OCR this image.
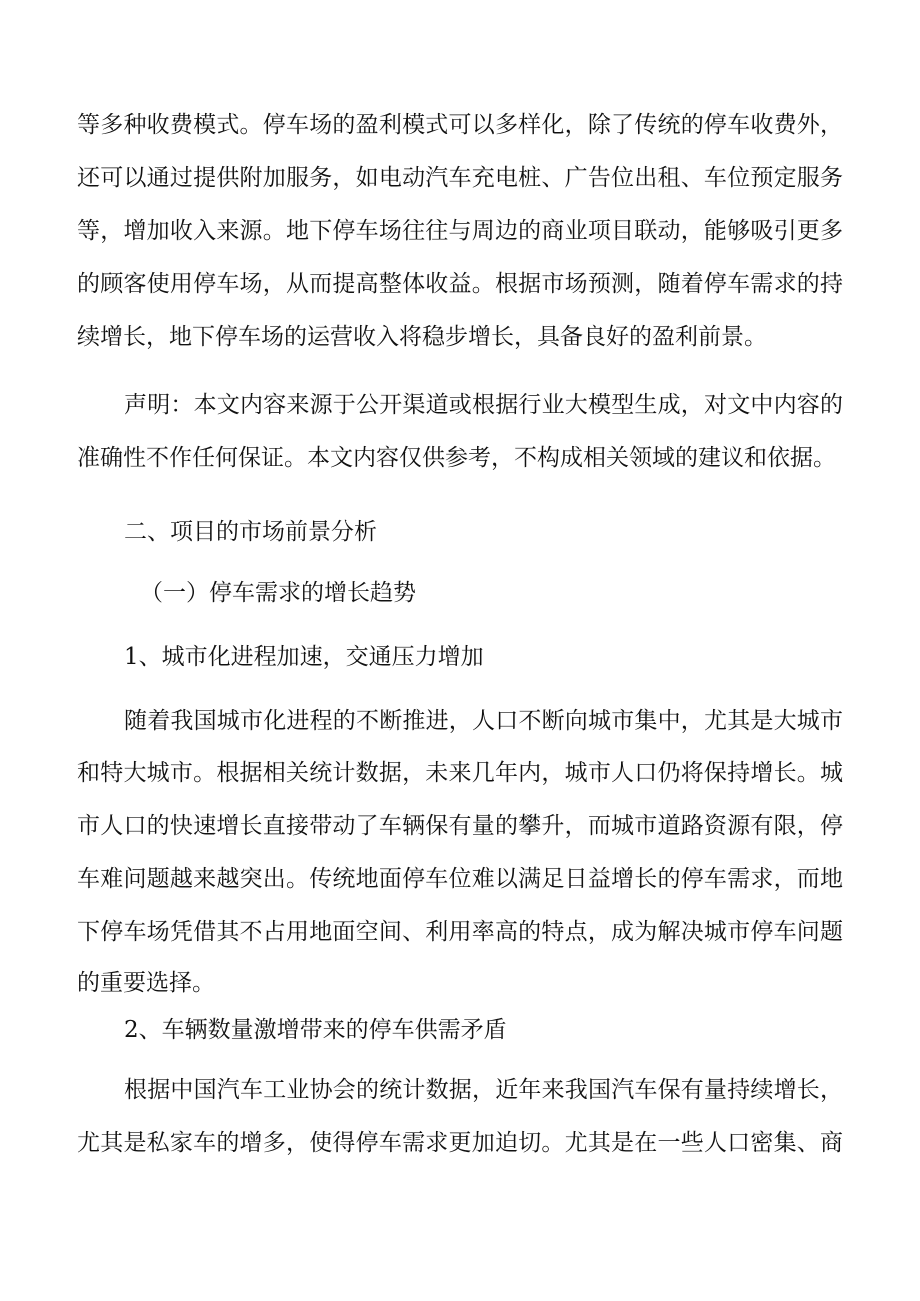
等多种收费模式。停车场的盈利模式可以多样化，除了传统的停车收费外，

还可以通过提供附加服务，如电动汽车充电桩、广告位出租、车位预定服务

等，增加收入来源。地下停车场往往与周边的商业项目联动，能够吸引更多

的顾客使用停车场，从而提高整体收益。根据市场预测，随着停车需求的持

续增长，地下停车场的运营收入将稳步增长，具备良好的盈利前景。

声明：本文内容来源于公开渠道或根据行业大模型生成，对文中内容的

准确性不作任何保证。本文内容仅供参考，不构成相关领域的建议和依据。

二、项目的市场前景分析

（一）停车需求的增长趋势

1、城市化进程加速，交通压力增加

随着我国城市化进程的不断推进，人口不断向城市集中，尤其是大城市

和特大城市。根据相关统计数据，未来几年内，城市人口仍将保持增长。城

市人口的快速增长直接带动了车辆保有量的攀升，而城市道路资源有限，停

车难问题越来越突出。传统地面停车位难以满足日益增长的停车需求，而地

下停车场凭借其不占用地面空间、利用率高的特点，成为解决城市停车问题

的重要选择。

2、车辆数量激增带来的停车供需矛盾

根据中国汽车工业协会的统计数据，近年来我国汽车保有量持续增长，

尤其是私家车的增多，使得停车需求更加迫切。尤其是在一些人口密集、商
